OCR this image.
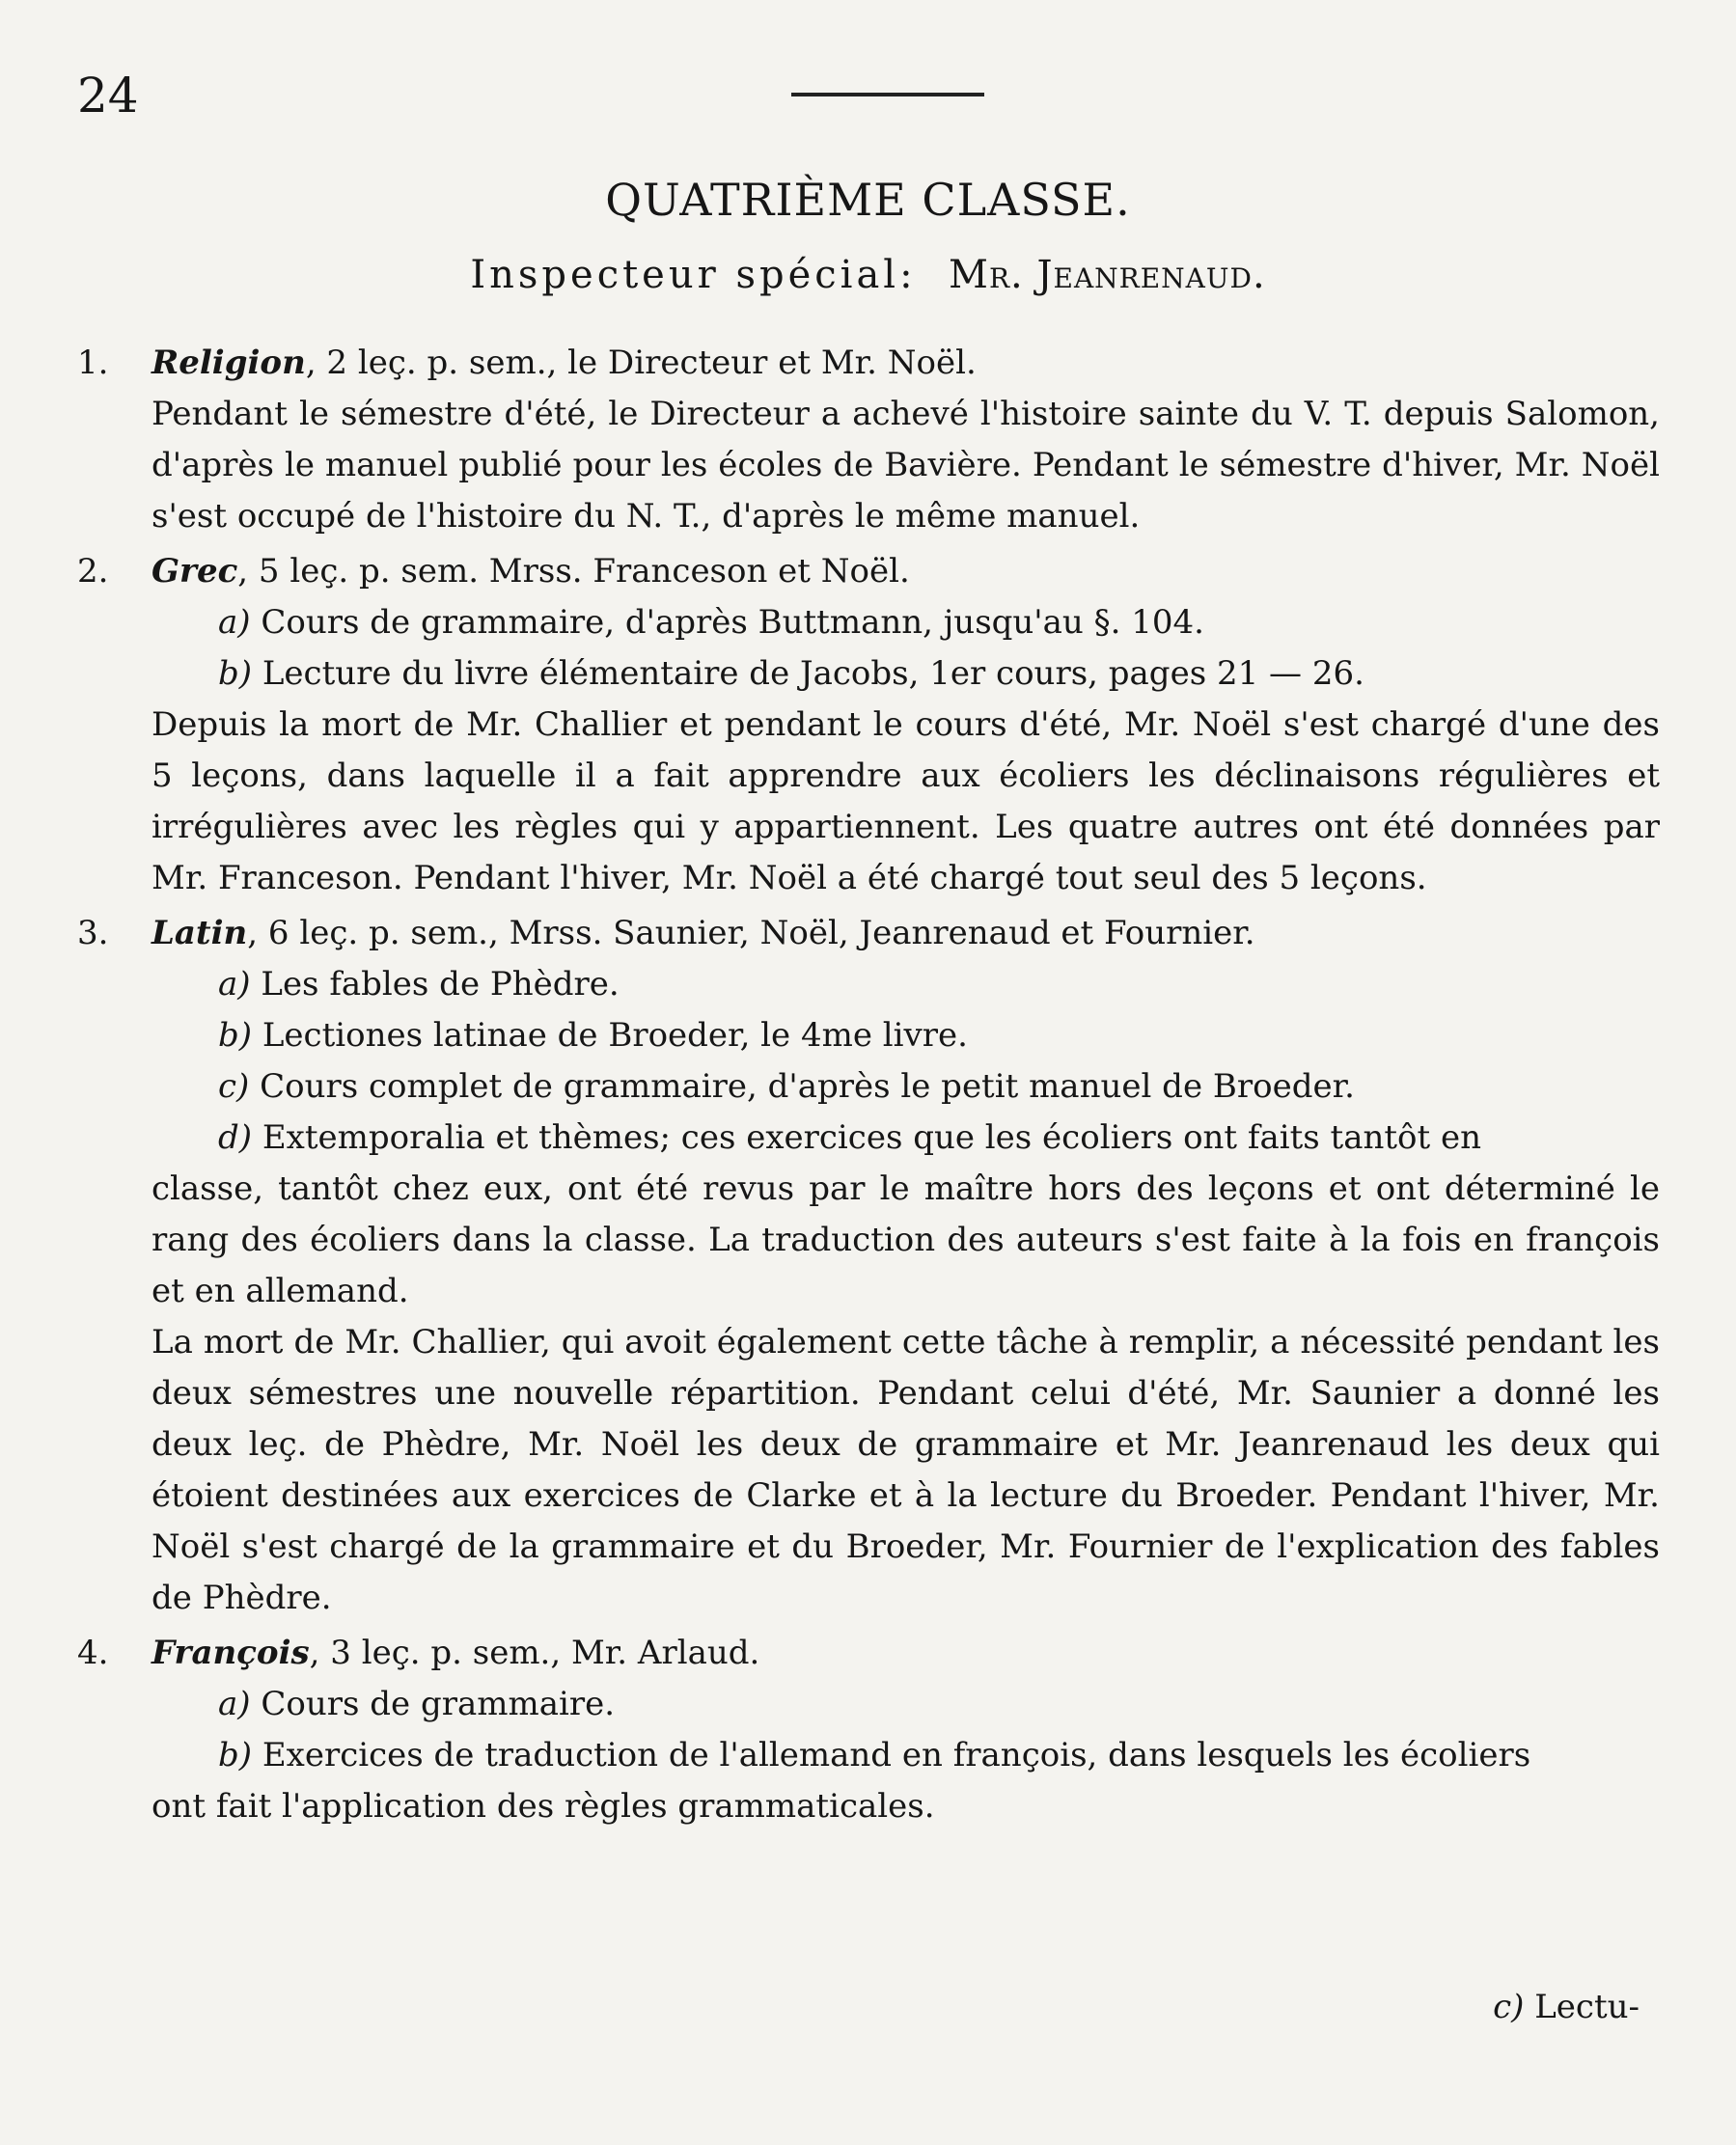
24
QUATRIÈME CLASSE.
Inspecteur spécial: Mr. Jeanrenaud.
1.	Religion, 2 leç. p. sem., le Directeur et Mr. Noël.
Pendant le sémestre d'été, le Directeur a achevé l'histoire sainte du V. T. depuis Salomon, d'après le manuel publié pour les écoles de Bavière. Pendant le sémestre d'hiver, Mr. Noël s'est occupé de l'histoire du N. T., d'après le même manuel.
2.	Grec, 5 leç. p. sem. Mrss. Franceson et Noël.
a) Cours de grammaire, d'après Buttmann, jusqu'au §. 104.
b) Lecture du livre élémentaire de Jacobs, 1er cours, pages 21 — 26.
Depuis la mort de Mr. Challier et pendant le cours d'été, Mr. Noël s'est chargé d'une des 5 leçons, dans laquelle il a fait apprendre aux écoliers les déclinaisons régulières et irrégulières avec les règles qui y appartiennent. Les quatre autres ont été données par Mr. Franceson. Pendant l'hiver, Mr. Noël a été chargé tout seul des 5 leçons.
3.	Latin, 6 leç. p. sem., Mrss. Saunier, Noël, Jeanrenaud et Fournier.
a) Les fables de Phèdre.
b) Lectiones latinae de Broeder, le 4me livre.
c) Cours complet de grammaire, d'après le petit manuel de Broeder.
d) Extemporalia et thèmes; ces exercices que les écoliers ont faits tantôt en
classe, tantôt chez eux, ont été revus par le maître hors des leçons et ont déterminé le rang des écoliers dans la classe. La traduction des auteurs s'est faite à la fois en françois et en allemand.
La mort de Mr. Challier, qui avoit également cette tâche à remplir, a nécessité pendant les deux sémestres une nouvelle répartition. Pendant celui d'été, Mr. Saunier a donné les deux leç. de Phèdre, Mr. Noël les deux de grammaire et Mr. Jeanrenaud les deux qui étoient destinées aux exercices de Clarke et à la lecture du Broeder. Pendant l'hiver, Mr. Noël s'est chargé de la grammaire et du Broeder, Mr. Fournier de l'explication des fables de Phèdre.
4.	François, 3 leç. p. sem., Mr. Arlaud.
a) Cours de grammaire.
b) Exercices de traduction de l'allemand en françois, dans lesquels les écoliers
ont fait l'application des règles grammaticales.
c) Lectu-
